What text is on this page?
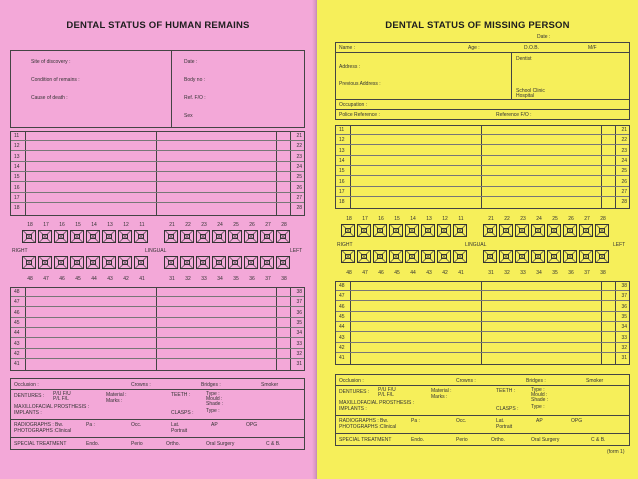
DENTAL STATUS OF HUMAN REMAINS
Site of discovery :
Condition of remains :
Cause of death :
Date :
Body no :
Ref. F/O :
Sex
11	21
12	22
13	23
14	24
15	25
16	26
17	27
18	28
18	17	16	15	14	13	12	11	21	22	23	24	25	26	27	28
RIGHT	LINGUAL	LEFT
48	47	46	45	44	43	42	41	31	32	33	34	35	36	37	38
48	38
47	37
46	36
45	35
44	34
43	33
42	32
41	31
Occlusion :	Crowns :	Bridges :	Smoker
DENTURES : P/U F/U
P/L F/L
Material :
Marks :
TEETH :	Type :
Mould :
Shade :
MAXILLOFACIAL PROSTHESIS :
IMPLANTS :	CLASPS : Type :
RADIOGRAPHS :
PHOTOGRAPHS : Clinical	Portrait
Bw.	Pa :	Occ.	Lat.	AP	OPG
SPECIAL TREATMENT	Endo.	Perio	Ortho.	Oral Surgery	C & B.
DENTAL STATUS OF MISSING PERSON
Date :
Name :	Age :	D.O.B.	M/F
Address :
Previous Address :
Dentist
School Clinic
Hospital
Occupation :
Police Reference :	Reference F/O :
11	21
12	22
13	23
14	24
15	25
16	26
17	27
18	28
18	17	16	15	14	13	12	11	21	22	23	24	25	26	27	28
RIGHT	LINGUAL	LEFT
48	47	46	45	44	43	42	41	31	32	33	34	35	36	37	38
48	38
47	37
46	36
45	35
44	34
43	33
42	32
41	31
Occlusion :	Crowns :	Bridges :	Smoker
DENTURES : P/U F/U
P/L F/L
Material :
Marks :
TEETH :	Type :
Mould :
Shade :
MAXILLOFACIAL PROSTHESIS :
IMPLANTS :	CLASPS : Type :
RADIOGRAPHS :
PHOTOGRAPHS : Clinical	Portrait
Bw.	Pa :	Occ.	Lat.	AP	OPG
SPECIAL TREATMENT	Endo.	Perio	Ortho.	Oral Surgery	C & B.
(form 1)
